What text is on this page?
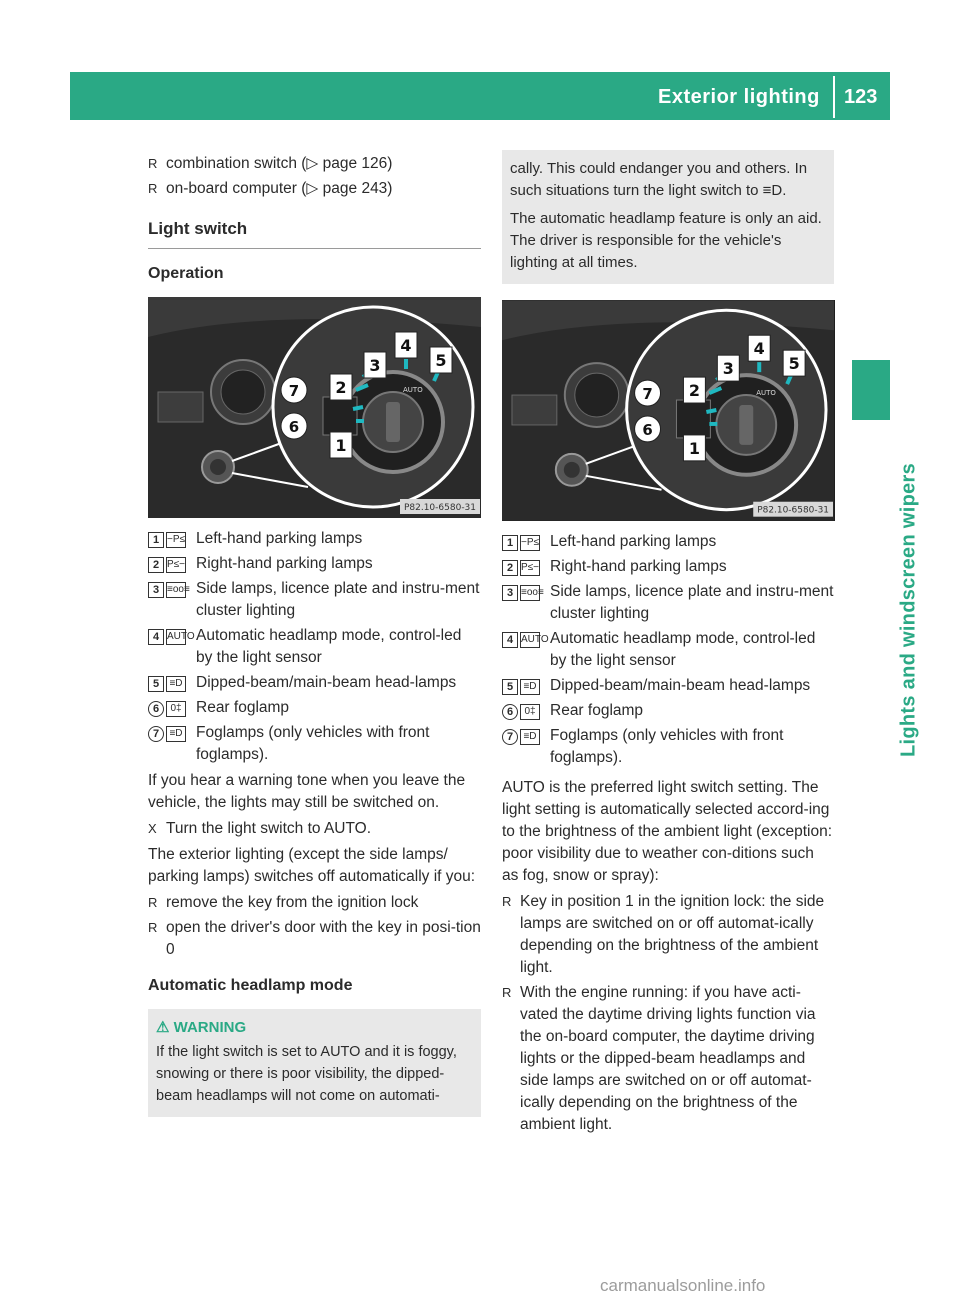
Exterior lighting 123
Lights and windscreen wipers
R combination switch (▷ page 126)
R on-board computer (▷ page 243)
Light switch
Operation
AUTO
1
2
3
4
5
6
7
P82.10-6580-31
1 −P≤ Left-hand parking lamps
2 P≤− Right-hand parking lamps
3 ≡oo≡ Side lamps, licence plate and instru-ment cluster lighting
4 AUTO Automatic headlamp mode, control-led by the light sensor
5	≡D Dipped-beam/main-beam head-lamps
6	0‡ Rear foglamp
7	≡D Foglamps (only vehicles with front foglamps).
If you hear a warning tone when you leave the vehicle, the lights may still be switched on.
X Turn the light switch to AUTO.
The exterior lighting (except the side lamps/ parking lamps) switches off automatically if you:
R remove the key from the ignition lock
R open the driver's door with the key in posi-tion 0
Automatic headlamp mode
⚠ WARNING
If the light switch is set to AUTO and it is foggy, snowing or there is poor visibility, the dipped-beam headlamps will not come on automati-
cally. This could endanger you and others. In such situations turn the light switch to ≡D.
The automatic headlamp feature is only an aid. The driver is responsible for the vehicle's lighting at all times.
AUTO
1
2
3
4
5
6
7
P82.10-6580-31
1 −P≤ Left-hand parking lamps
2 P≤− Right-hand parking lamps
3 ≡oo≡ Side lamps, licence plate and instru-ment cluster lighting
4 AUTO Automatic headlamp mode, control-led by the light sensor
5	≡D Dipped-beam/main-beam head-lamps
6	0‡ Rear foglamp
7	≡D Foglamps (only vehicles with front foglamps).
AUTO is the preferred light switch setting. The light setting is automatically selected accord-ing to the brightness of the ambient light (exception: poor visibility due to weather con-ditions such as fog, snow or spray):
R Key in position 1 in the ignition lock: the side lamps are switched on or off automat-ically depending on the brightness of the ambient light.
R With the engine running: if you have acti-vated the daytime driving lights function via the on-board computer, the daytime driving lights or the dipped-beam headlamps and side lamps are switched on or off automat-ically depending on the brightness of the ambient light.
carmanualsonline.info
